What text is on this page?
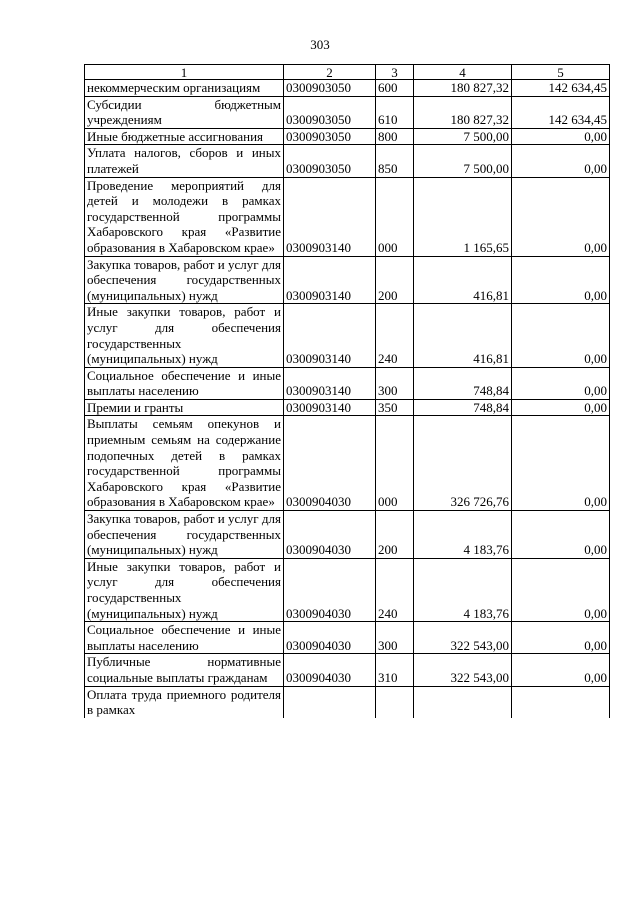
303
1	2	3	4	5
некоммерческим организациям	0300903050	600	180 827,32	142 634,45
Субсидии бюджетным учреждениям	0300903050	610	180 827,32	142 634,45
Иные бюджетные ассигнования	0300903050	800	7 500,00	0,00
Уплата налогов, сборов и иных платежей	0300903050	850	7 500,00	0,00
Проведение мероприятий для детей и молодежи в рамках государственной программы Хабаровского края «Развитие образования в Хабаровском крае»	0300903140	000	1 165,65	0,00
Закупка товаров, работ и услуг для обеспечения государственных (муниципальных) нужд	0300903140	200	416,81	0,00
Иные закупки товаров, работ и услуг для обеспечения государственных (муниципальных) нужд	0300903140	240	416,81	0,00
Социальное обеспечение и иные выплаты населению	0300903140	300	748,84	0,00
Премии и гранты	0300903140	350	748,84	0,00
Выплаты семьям опекунов и приемным семьям на содержание подопечных детей в рамках государственной программы Хабаровского края «Развитие образования в Хабаровском крае»	0300904030	000	326 726,76	0,00
Закупка товаров, работ и услуг для обеспечения государственных (муниципальных) нужд	0300904030	200	4 183,76	0,00
Иные закупки товаров, работ и услуг для обеспечения государственных (муниципальных) нужд	0300904030	240	4 183,76	0,00
Социальное обеспечение и иные выплаты населению	0300904030	300	322 543,00	0,00
Публичные нормативные социальные выплаты гражданам	0300904030	310	322 543,00	0,00
Оплата труда приемного родителя в рамках				
